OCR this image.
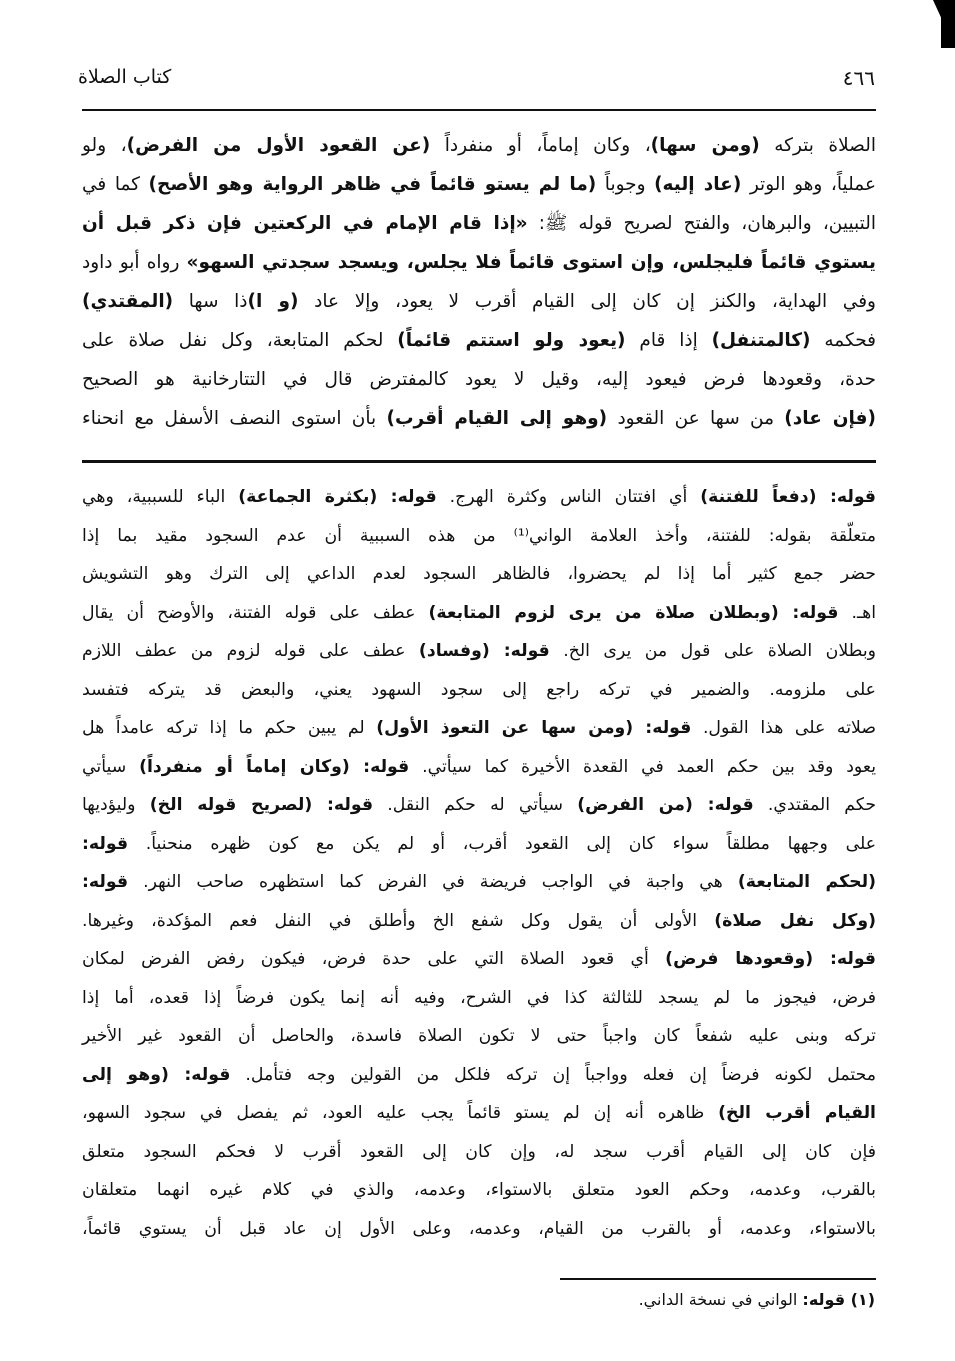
٤٦٦
كتاب الصلاة
الصلاة بتركه (ومن سها)، وكان إماماً، أو منفرداً (عن القعود الأول من الفرض)، ولو
عملياً، وهو الوتر (عاد إليه) وجوباً (ما لم يستو قائماً في ظاهر الرواية وهو الأصح) كما في
التبيين، والبرهان، والفتح لصريح قوله ﷺ: «إذا قام الإمام في الركعتين فإن ذكر قبل أن
يستوي قائماً فليجلس، وإن استوى قائماً فلا يجلس، ويسجد سجدتي السهو» رواه أبو داود
وفي الهداية، والكنز إن كان إلى القيام أقرب لا يعود، وإلا عاد (و ا)ذا سها (المقتدي)
فحكمه (كالمتنفل) إذا قام (يعود ولو استتم قائماً) لحكم المتابعة، وكل نفل صلاة على
حدة، وقعودها فرض فيعود إليه، وقيل لا يعود كالمفترض قال في التتارخانية هو الصحيح
(فإن عاد) من سها عن القعود (وهو إلى القيام أقرب) بأن استوى النصف الأسفل مع انحناء
قوله: (دفعاً للفتنة) أي افتتان الناس وكثرة الهرج. قوله: (بكثرة الجماعة) الباء للسببية، وهي
متعلّقة بقوله: للفتنة، وأخذ العلامة الواني⁽¹⁾ من هذه السببية أن عدم السجود مقيد بما إذا
حضر جمع كثير أما إذا لم يحضروا، فالظاهر السجود لعدم الداعي إلى الترك وهو التشويش
اهـ. قوله: (وبطلان صلاة من يرى لزوم المتابعة) عطف على قوله الفتنة، والأوضح أن يقال
وبطلان الصلاة على قول من يرى الخ. قوله: (وفساد) عطف على قوله لزوم من عطف اللازم
على ملزومه. والضمير في تركه راجع إلى سجود السهود يعني، والبعض قد يتركه فتفسد
صلاته على هذا القول. قوله: (ومن سها عن التعوذ الأول) لم يبين حكم ما إذا تركه عامداً هل
يعود وقد بين حكم العمد في القعدة الأخيرة كما سيأتي. قوله: (وكان إماماً أو منفرداً) سيأتي
حكم المقتدي. قوله: (من الفرض) سيأتي له حكم النقل. قوله: (لصريح قوله الخ) وليؤديها
على وجهها مطلقاً سواء كان إلى القعود أقرب، أو لم يكن مع كون ظهره منحنياً. قوله:
(لحكم المتابعة) هي واجبة في الواجب فريضة في الفرض كما استظهره صاحب النهر. قوله:
(وكل نفل صلاة) الأولى أن يقول وكل شفع الخ وأطلق في النفل فعم المؤكدة، وغيرها.
قوله: (وقعودها فرض) أي قعود الصلاة التي على حدة فرض، فيكون رفض الفرض لمكان
فرض، فيجوز ما لم يسجد للثالثة كذا في الشرح، وفيه أنه إنما يكون فرضاً إذا قعده، أما إذا
تركه وبنى عليه شفعاً كان واجباً حتى لا تكون الصلاة فاسدة، والحاصل أن القعود غير الأخير
محتمل لكونه فرضاً إن فعله وواجباً إن تركه فلكل من القولين وجه فتأمل. قوله: (وهو إلى
القيام أقرب الخ) ظاهره أنه إن لم يستو قائماً يجب عليه العود، ثم يفصل في سجود السهو،
فإن كان إلى القيام أقرب سجد له، وإن كان إلى القعود أقرب لا فحكم السجود متعلق
بالقرب، وعدمه، وحكم العود متعلق بالاستواء، وعدمه، والذي في كلام غيره انهما متعلقان
بالاستواء، وعدمه، أو بالقرب من القيام، وعدمه، وعلى الأول إن عاد قبل أن يستوي قائماً،
(١) قوله: الواني في نسخة الداني.
